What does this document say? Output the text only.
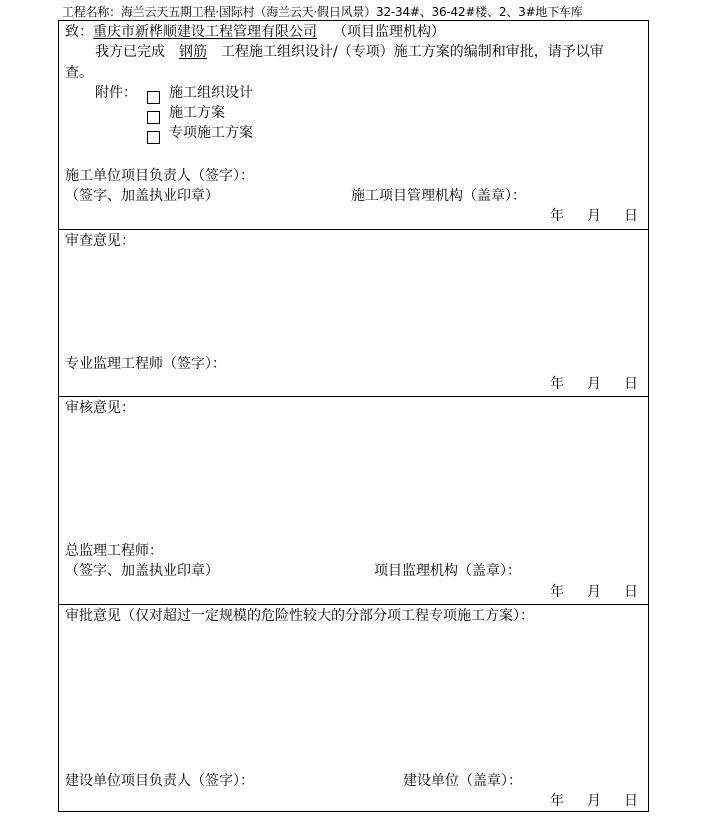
工程名称：海兰云天五期工程·国际村（海兰云天·假日风景）32-34#、36-42#楼、2、3#地下车库
致：重庆市新桦顺建设工程管理有限公司 （项目监理机构）
我方已完成 钢筋 工程施工组织设计/（专项）施工方案的编制和审批，请予以审
查。
附件： 施工组织设计
施工方案
专项施工方案
施工单位项目负责人（签字）：
（签字、加盖执业印章）	施工项目管理机构（盖章）：
年 月 日
审查意见：
专业监理工程师（签字）：
年 月 日
审核意见：
总监理工程师：
（签字、加盖执业印章）	项目监理机构（盖章）：
年 月 日
审批意见（仅对超过一定规模的危险性较大的分部分项工程专项施工方案）：
建设单位项目负责人（签字）：	建设单位（盖章）：
年 月 日
